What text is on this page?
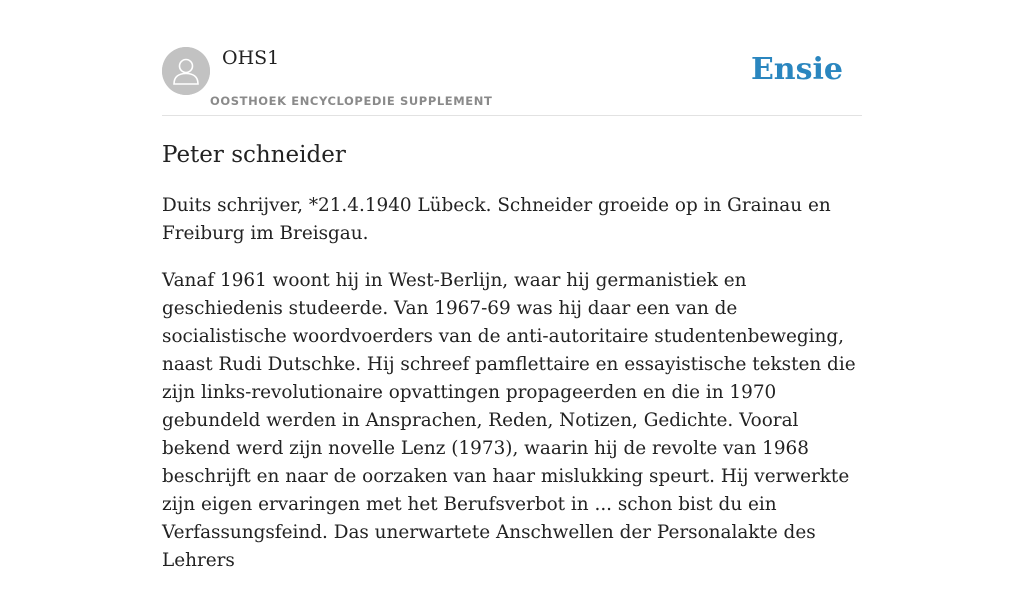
OHS1
OOSTHOEK ENCYCLOPEDIE SUPPLEMENT
Ensie
Peter schneider

Duits schrijver, *21.4.1940 Lübeck. Schneider groeide op in Grainau en Freiburg im Breisgau.

Vanaf 1961 woont hij in West-Berlijn, waar hij germanistiek en geschiedenis studeerde. Van 1967-69 was hij daar een van de socialistische woordvoerders van de anti-autoritaire studentenbeweging, naast Rudi Dutschke. Hij schreef pamflettaire en essayistische teksten die zijn links-revolutionaire opvattingen propageerden en die in 1970 gebundeld werden in Ansprachen, Reden, Notizen, Gedichte. Vooral bekend werd zijn novelle Lenz (1973), waarin hij de revolte van 1968 beschrijft en naar de oorzaken van haar mislukking speurt. Hij verwerkte zijn eigen ervaringen met het Berufsverbot in ... schon bist du ein Verfassungsfeind. Das unerwartete Anschwellen der Personalakte des Lehrers
